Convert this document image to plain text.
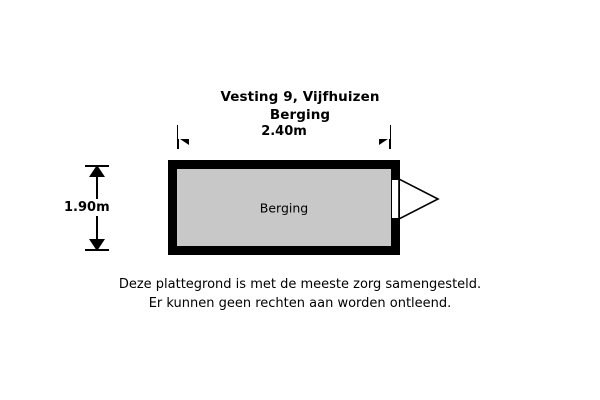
Vesting 9, Vijfhuizen
Berging
2.40m
1.90m	Berging
Deze plattegrond is met de meeste zorg samengesteld.
Er kunnen geen rechten aan worden ontleend.
